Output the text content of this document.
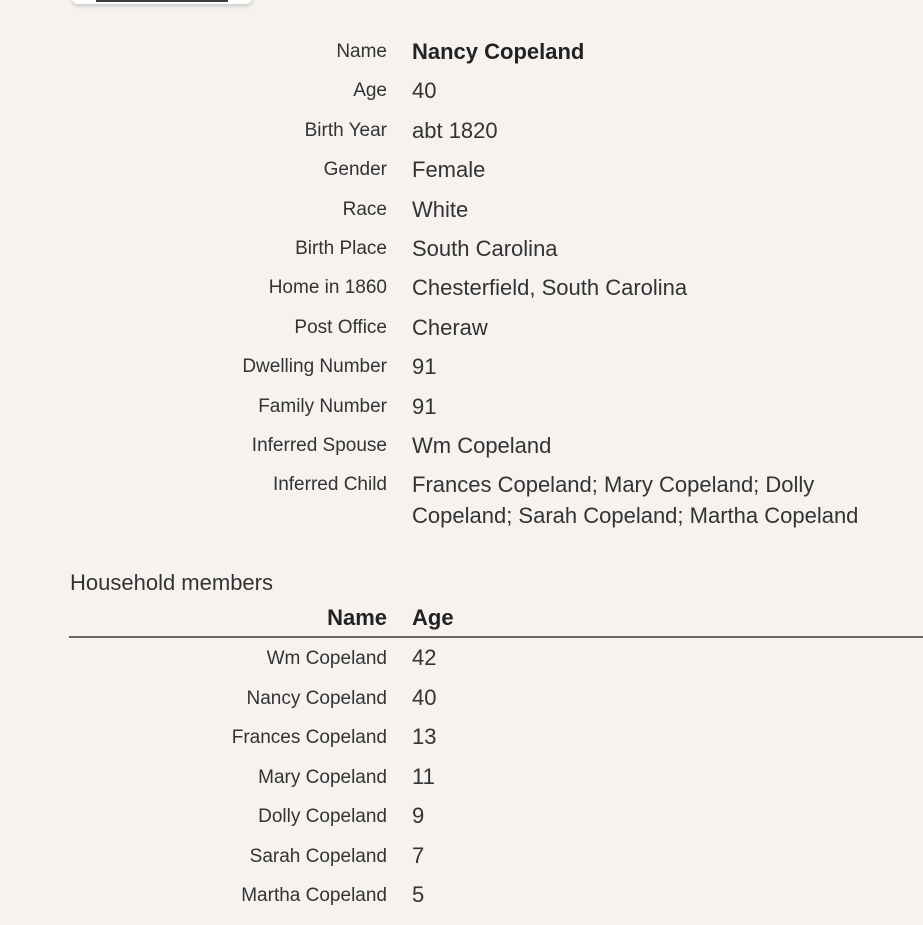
Name Nancy Copeland
Age 40
Birth Year abt 1820
Gender Female
Race White
Birth Place South Carolina
Home in 1860 Chesterfield, South Carolina
Post Office Cheraw
Dwelling Number 91
Family Number 91
Inferred Spouse Wm Copeland
Inferred Child Frances Copeland; Mary Copeland; Dolly Copeland; Sarah Copeland; Martha Copeland
Household members
Name Age
Wm Copeland 42
Nancy Copeland 40
Frances Copeland 13
Mary Copeland 11
Dolly Copeland 9
Sarah Copeland 7
Martha Copeland 5
